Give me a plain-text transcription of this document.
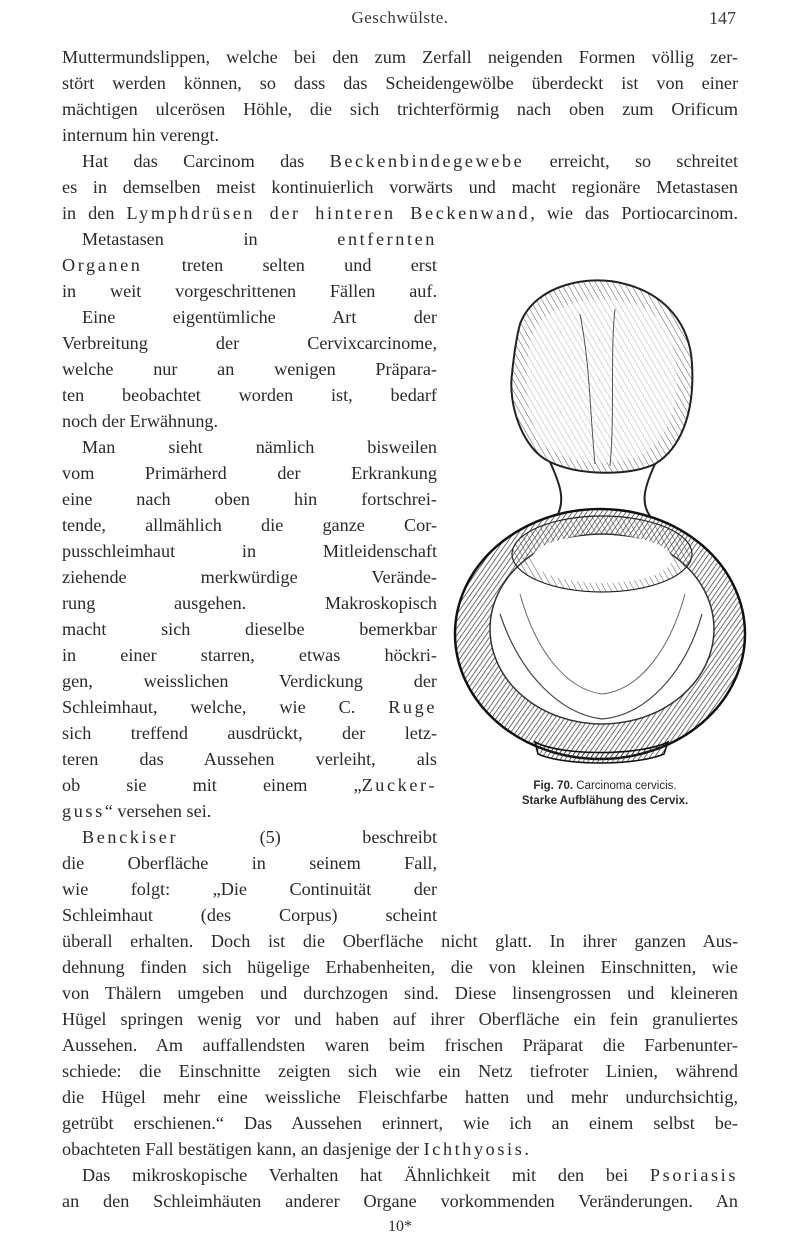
Geschwülste.	147
Muttermundslippen, welche bei den zum Zerfall neigenden Formen völlig zer-
stört werden können, so dass das Scheidengewölbe überdeckt ist von einer
mächtigen ulcerösen Höhle, die sich trichterförmig nach oben zum Orificum
internum hin verengt.
Hat das Carcinom das Beckenbindegewebe erreicht, so schreitet
es in demselben meist kontinuierlich vorwärts und macht regionäre Metastasen
in den Lymphdrüsen der hinteren Beckenwand, wie das Portiocarcinom.
Metastasen in entfernten
Organen treten selten und erst
in weit vorgeschrittenen Fällen auf.
Eine eigentümliche Art der
Verbreitung der Cervixcarcinome,
welche nur an wenigen Präpara-
ten beobachtet worden ist, bedarf
noch der Erwähnung.
Man sieht nämlich bisweilen
vom Primärherd der Erkrankung
eine nach oben hin fortschrei-
tende, allmählich die ganze Cor-
pusschleimhaut in Mitleidenschaft
ziehende merkwürdige Verände-
rung ausgehen. Makroskopisch
macht sich dieselbe bemerkbar
in einer starren, etwas höckri-
gen, weisslichen Verdickung der
Schleimhaut, welche, wie C. Ruge
sich treffend ausdrückt, der letz-
teren das Aussehen verleiht, als
ob sie mit einem „Zucker-
guss“ versehen sei.
Benckiser (5) beschreibt
die Oberfläche in seinem Fall,
wie folgt: „Die Continuität der
Schleimhaut (des Corpus) scheint
überall erhalten. Doch ist die Oberfläche nicht glatt. In ihrer ganzen Aus-
dehnung finden sich hügelige Erhabenheiten, die von kleinen Einschnitten, wie
von Thälern umgeben und durchzogen sind. Diese linsengrossen und kleineren
Hügel springen wenig vor und haben auf ihrer Oberfläche ein fein granuliertes
Aussehen. Am auffallendsten waren beim frischen Präparat die Farbenunter-
schiede: die Einschnitte zeigten sich wie ein Netz tiefroter Linien, während
die Hügel mehr eine weissliche Fleischfarbe hatten und mehr undurchsichtig,
getrübt erschienen.“ Das Aussehen erinnert, wie ich an einem selbst be-
obachteten Fall bestätigen kann, an dasjenige der Ichthyosis.
Das mikroskopische Verhalten hat Ähnlichkeit mit den bei Psoriasis
an den Schleimhäuten anderer Organe vorkommenden Veränderungen. An
10*
Fig. 70. Carcinoma cervicis.
Starke Aufblähung des Cervix.
